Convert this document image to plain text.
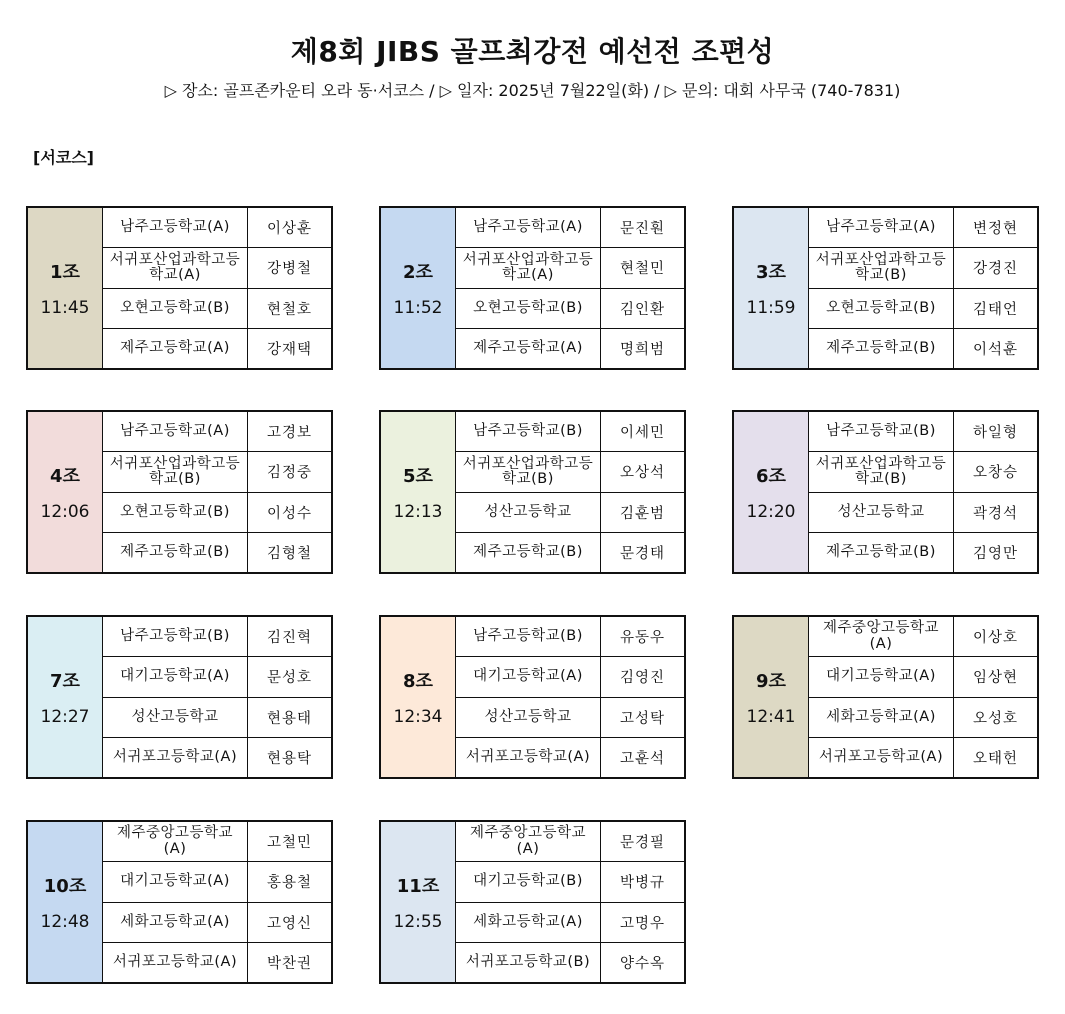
제8회 JIBS 골프최강전 예선전 조편성
▷ 장소: 골프존카운티 오라 동·서코스 / ▷ 일자: 2025년 7월22일(화) / ▷ 문의: 대회 사무국 (740-7831)
[서코스]
1조
11:45
남주고등학교(A)	이상훈
서귀포산업과학고등학교(A)	강병철
오현고등학교(B)	현철호
제주고등학교(A)	강재택
2조
11:52
남주고등학교(A)	문진훤
서귀포산업과학고등학교(A)	현철민
오현고등학교(B)	김인환
제주고등학교(A)	명희범
3조
11:59
남주고등학교(A)	변정현
서귀포산업과학고등학교(B)	강경진
오현고등학교(B)	김태언
제주고등학교(B)	이석훈
4조
12:06
남주고등학교(A)	고경보
서귀포산업과학고등학교(B)	김정중
오현고등학교(B)	이성수
제주고등학교(B)	김형철
5조
12:13
남주고등학교(B)	이세민
서귀포산업과학고등학교(B)	오상석
성산고등학교	김훈범
제주고등학교(B)	문경태
6조
12:20
남주고등학교(B)	하일형
서귀포산업과학고등학교(B)	오창승
성산고등학교	곽경석
제주고등학교(B)	김영만
7조
12:27
남주고등학교(B)	김진혁
대기고등학교(A)	문성호
성산고등학교	현용태
서귀포고등학교(A)	현용탁
8조
12:34
남주고등학교(B)	유동우
대기고등학교(A)	김영진
성산고등학교	고성탁
서귀포고등학교(A)	고훈석
9조
12:41
제주중앙고등학교(A)	이상호
대기고등학교(A)	임상현
세화고등학교(A)	오성호
서귀포고등학교(A)	오태헌
10조
12:48
제주중앙고등학교(A)	고철민
대기고등학교(A)	홍용철
세화고등학교(A)	고영신
서귀포고등학교(A)	박찬권
11조
12:55
제주중앙고등학교(A)	문경필
대기고등학교(B)	박병규
세화고등학교(A)	고명우
서귀포고등학교(B)	양수옥
